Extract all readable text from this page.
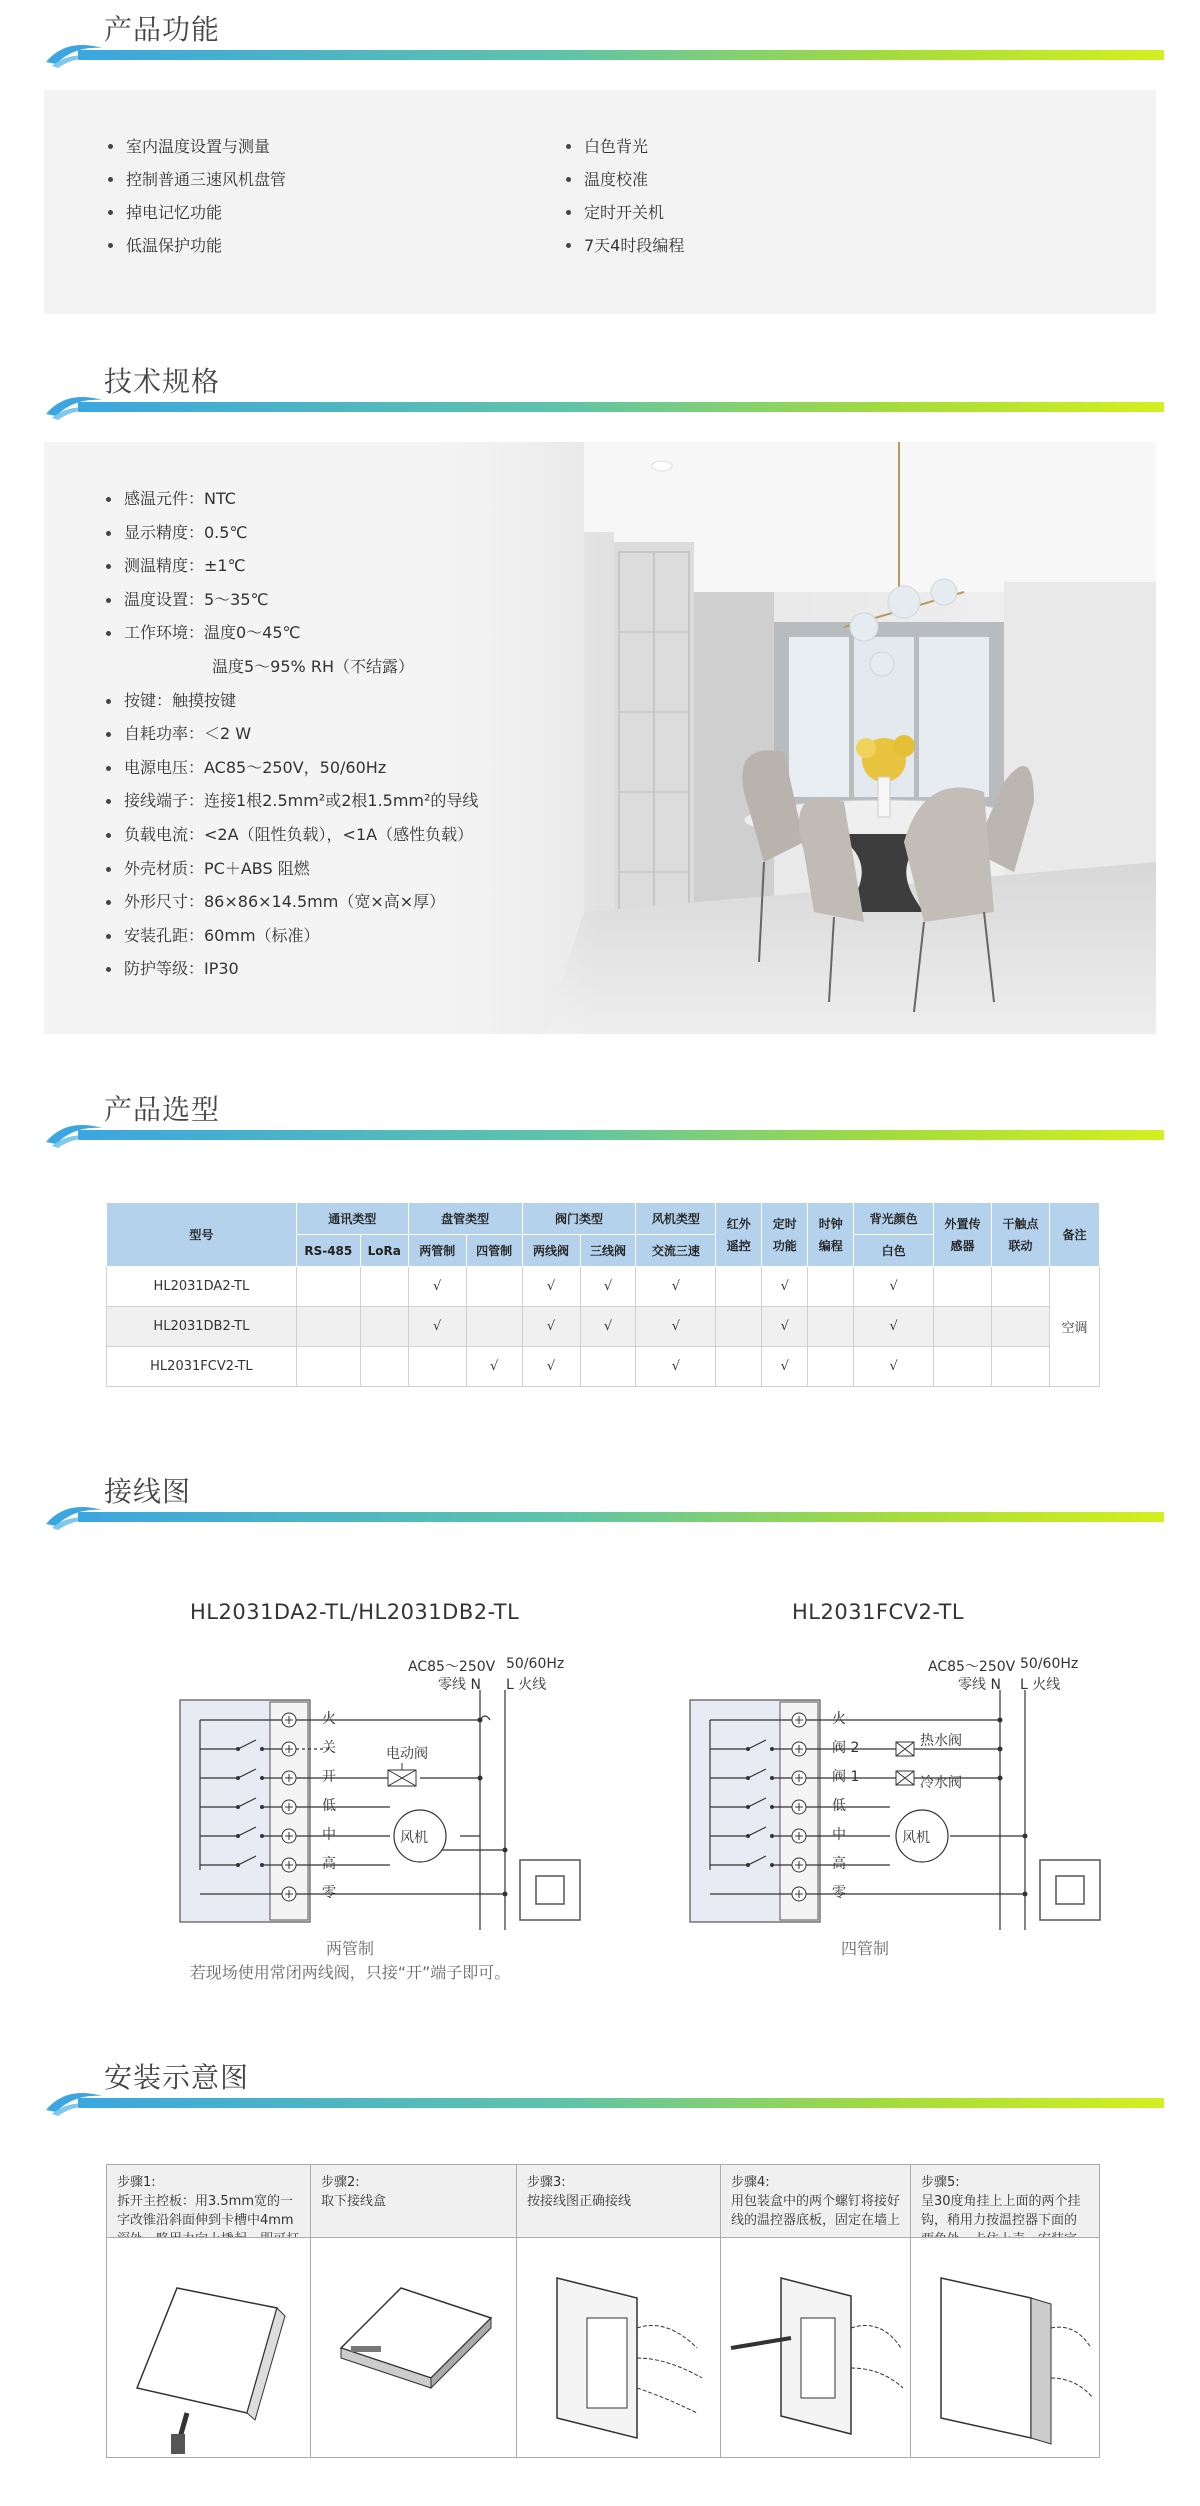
产品功能
室内温度设置与测量
控制普通三速风机盘管
掉电记忆功能
低温保护功能
白色背光
温度校准
定时开关机
7天4时段编程
技术规格
感温元件：NTC
显示精度：0.5℃
测温精度：±1℃
温度设置：5～35℃
工作环境：温度0～45℃
温度5～95% RH（不结露）
按键：触摸按键
自耗功率：＜2 W
电源电压：AC85～250V，50/60Hz
接线端子：连接1根2.5mm²或2根1.5mm²的导线
负载电流：<2A（阻性负载），<1A（感性负载）
外壳材质：PC＋ABS 阻燃
外形尺寸：86×86×14.5mm（宽×高×厚）
安装孔距：60mm（标准）
防护等级：IP30
产品选型
型号	通讯类型		盘管类型		阀门类型		风机类型	红外遥控	定时功能	时钟编程	背光颜色	外置传感器	干触点联动	备注
	RS-485	LoRa	两管制	四管制	两线阀	三线阀	交流三速				白色			
HL2031DA2-TL			√		√	√	√		√		√			空调
HL2031DB2-TL			√		√	√	√		√		√			
HL2031FCV2-TL				√	√		√		√		√			
接线图
HL2031DA2-TL/HL2031DB2-TL	HL2031FCV2-TL
AC85～250V 50/60Hz
零线 N L 火线
火
关
开
低
中
高
零
电动阀
风机
两管制
若现场使用常闭两线阀，只接“开”端子即可。
AC85～250V 50/60Hz
零线 N L 火线
火
阀 2
阀 1
低
中
高
零
热水阀
冷水阀
风机
四管制
安装示意图
步骤1:
拆开主控板：用3.5mm宽的一字改锥沿斜面伸到卡槽中4mm
步骤2:
取下接线盒
步骤3:
按接线图正确接线
步骤4:
用包装盒中的两个螺钉将接好线的温控器底板，固定在墙上
步骤5:
呈30度角挂上上面的两个挂钩，稍用力按温控器下面的
